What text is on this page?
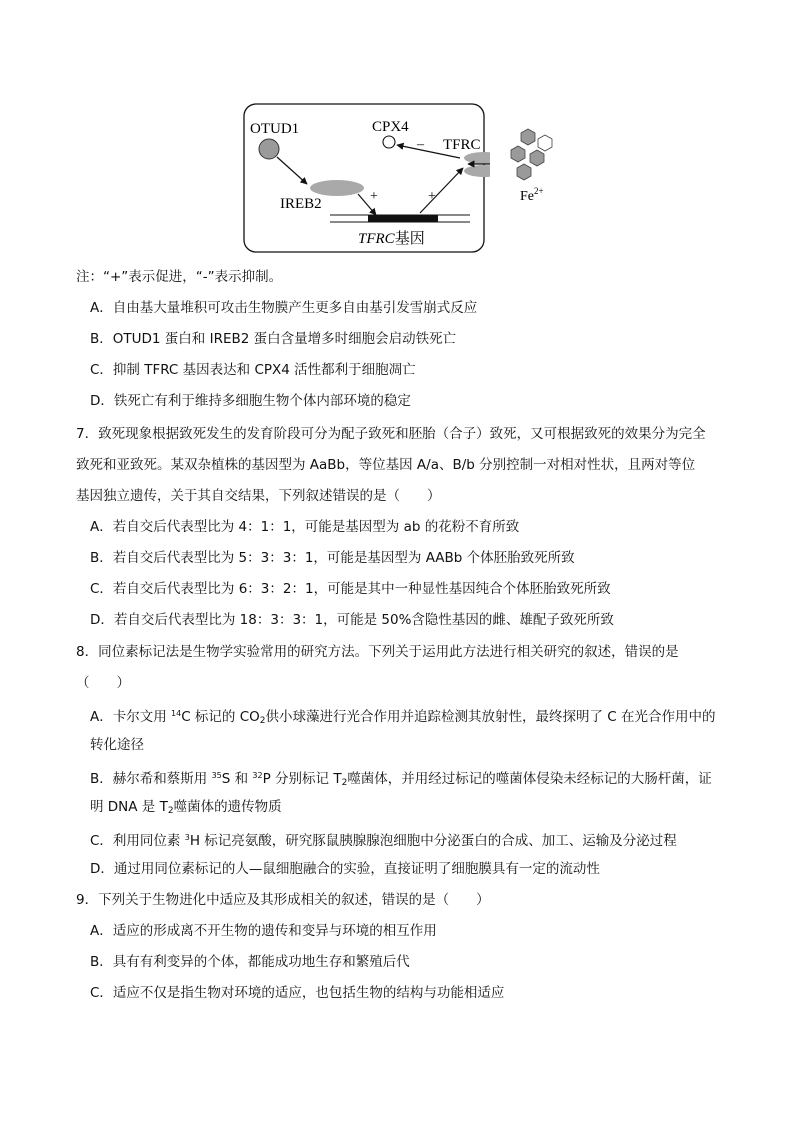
OTUD1
IREB2	+
TFRC基因
+
CPX4
TFRC
–
$Fe^{2+}$
注：“+”表示促进，“-”表示抑制。
A．自由基大量堆积可攻击生物膜产生更多自由基引发雪崩式反应
B．OTUD1 蛋白和 IREB2 蛋白含量增多时细胞会启动铁死亡
C．抑制 TFRC 基因表达和 CPX4 活性都利于细胞凋亡
D．铁死亡有利于维持多细胞生物个体内部环境的稳定
7．致死现象根据致死发生的发育阶段可分为配子致死和胚胎（合子）致死，又可根据致死的效果分为完全
致死和亚致死。某双杂植株的基因型为 AaBb，等位基因 A/a、B/b 分别控制一对相对性状，且两对等位
基因独立遗传，关于其自交结果，下列叙述错误的是（　　）
A．若自交后代表型比为 4：1：1，可能是基因型为 ab 的花粉不育所致
B．若自交后代表型比为 5：3：3：1，可能是基因型为 AABb 个体胚胎致死所致
C．若自交后代表型比为 6：3：2：1，可能是其中一种显性基因纯合个体胚胎致死所致
D．若自交后代表型比为 18：3：3：1，可能是 50%含隐性基因的雌、雄配子致死所致
8．同位素标记法是生物学实验常用的研究方法。下列关于运用此方法进行相关研究的叙述，错误的是
（　　）
A．卡尔文用 $^{14}$C 标记的 $CO_2$供小球藻进行光合作用并追踪检测其放射性，最终探明了 C 在光合作用中的
转化途径
B．赫尔希和蔡斯用 $^{35}$S 和 $^{32}$P 分别标记 $T_2$噬菌体，并用经过标记的噬菌体侵染未经标记的大肠杆菌，证
明 DNA 是 $T_2$噬菌体的遗传物质
C．利用同位素 $^3$H 标记亮氨酸，研究豚鼠胰腺腺泡细胞中分泌蛋白的合成、加工、运输及分泌过程
D．通过用同位素标记的人—鼠细胞融合的实验，直接证明了细胞膜具有一定的流动性
9．下列关于生物进化中适应及其形成相关的叙述，错误的是（　　）
A．适应的形成离不开生物的遗传和变异与环境的相互作用
B．具有有利变异的个体，都能成功地生存和繁殖后代
C．适应不仅是指生物对环境的适应，也包括生物的结构与功能相适应
